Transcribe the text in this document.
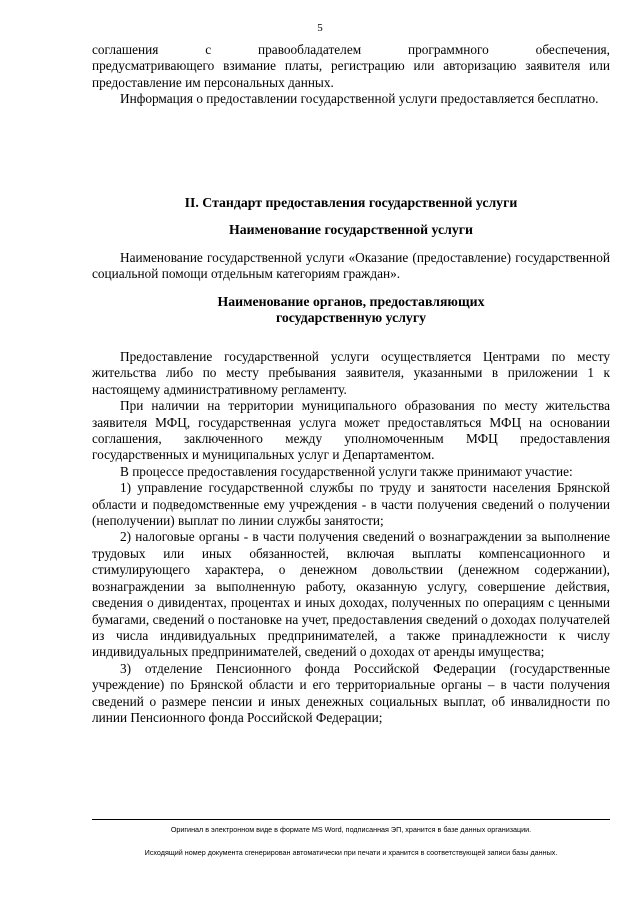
5

соглашения с правообладателем программного обеспечения,

предусматривающего взимание платы, регистрацию или авторизацию заявителя или предоставление им персональных данных.

Информация о предоставлении государственной услуги предоставляется бесплатно.

II. Стандарт предоставления государственной услуги

Наименование государственной услуги

Наименование государственной услуги «Оказание (предоставление) государственной социальной помощи отдельным категориям граждан».

Наименование органов, предоставляющих

государственную услугу

Предоставление государственной услуги осуществляется Центрами по месту жительства либо по месту пребывания заявителя, указанными в приложении 1 к настоящему административному регламенту.

При наличии на территории муниципального образования по месту жительства заявителя МФЦ, государственная услуга может предоставляться МФЦ на основании соглашения, заключенного между уполномоченным МФЦ предоставления государственных и муниципальных услуг и Департаментом.

В процессе предоставления государственной услуги также принимают участие:

1) управление государственной службы по труду и занятости населения Брянской области и подведомственные ему учреждения - в части получения сведений о получении (неполучении) выплат по линии службы занятости;

2) налоговые органы - в части получения сведений о вознаграждении за выполнение трудовых или иных обязанностей, включая выплаты компенсационного и стимулирующего характера, о денежном довольствии (денежном содержании), вознаграждении за выполненную работу, оказанную услугу, совершение действия, сведения о дивидентах, процентах и иных доходах, полученных по операциям с ценными бумагами, сведений о постановке на учет, предоставления сведений о доходах получателей из числа индивидуальных предпринимателей, а также принадлежности к числу индивидуальных предпринимателей, сведений о доходах от аренды имущества;

3) отделение Пенсионного фонда Российской Федерации (государственные учреждение) по Брянской области и его территориальные органы – в части получения сведений о размере пенсии и иных денежных социальных выплат, об инвалидности по линии Пенсионного фонда Российской Федерации;

Оригинал в электронном виде в формате MS Word, подписанная ЭП, хранится в базе данных организации.

Исходящий номер документа сгенерирован автоматически при печати и хранится в соответствующей записи базы данных.
